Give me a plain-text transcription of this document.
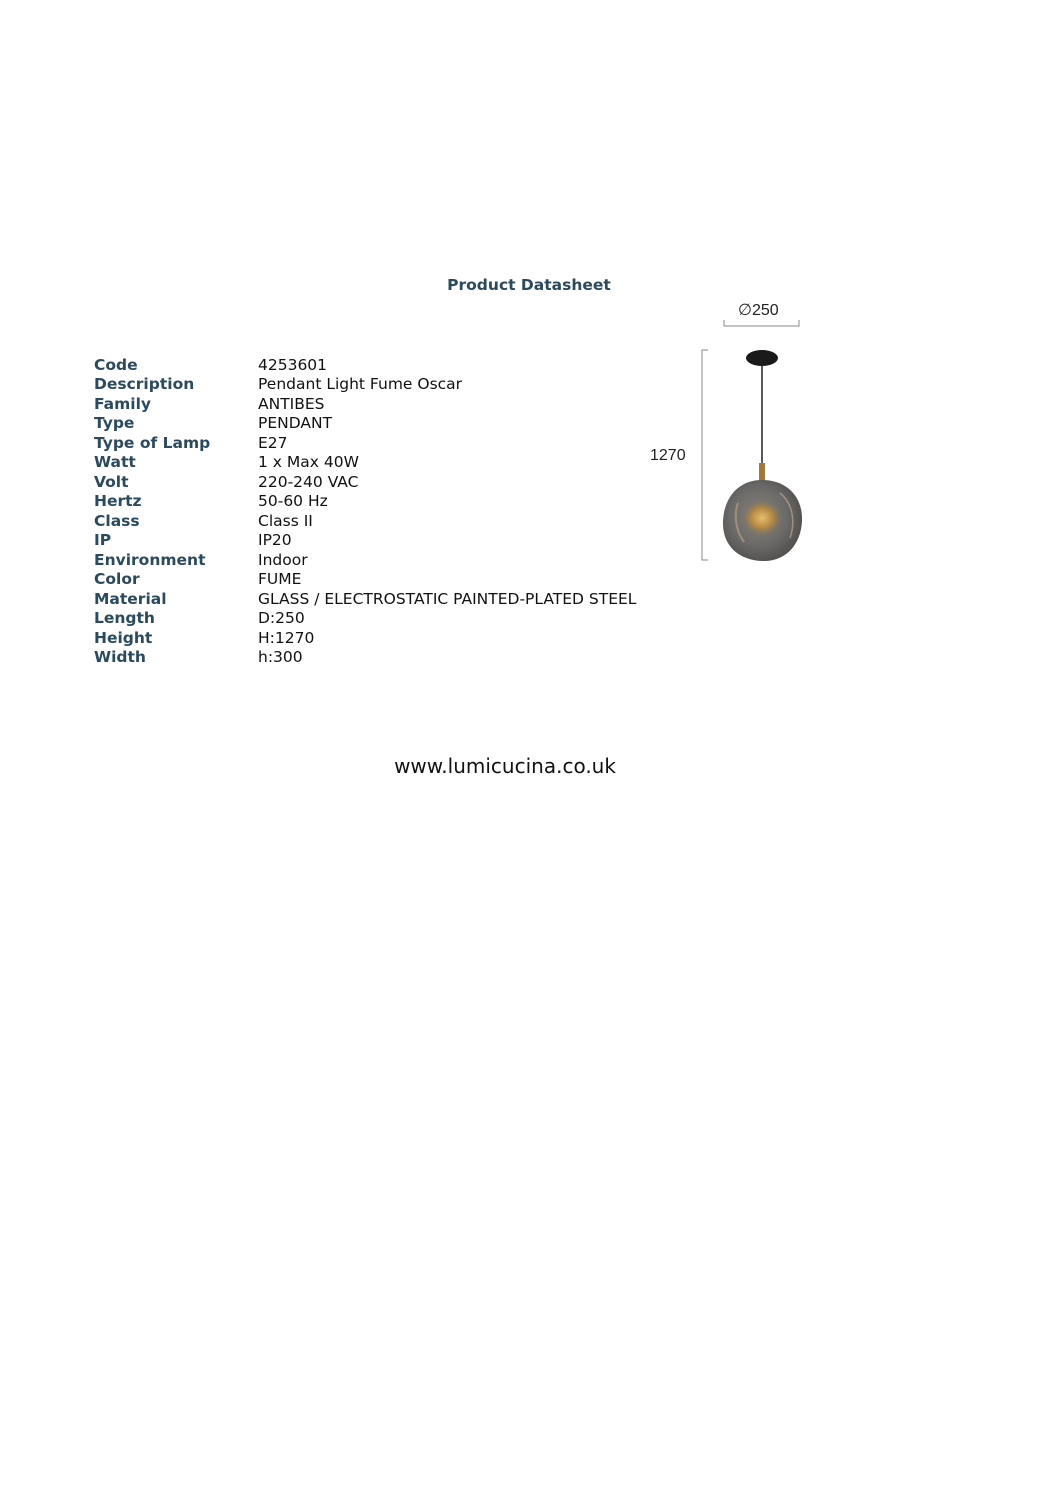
Product Datasheet
Code	4253601
Description	Pendant Light Fume Oscar
Family	ANTIBES
Type	PENDANT
Type of Lamp	E27
Watt	1 x Max 40W
Volt	220-240 VAC
Hertz	50-60 Hz
Class	Class II
IP	IP20
Environment	Indoor
Color	FUME
Material	GLASS / ELECTROSTATIC PAINTED-PLATED STEEL
Length	D:250
Height	H:1270
Width	h:300
∅250
1270
www.lumicucina.co.uk
